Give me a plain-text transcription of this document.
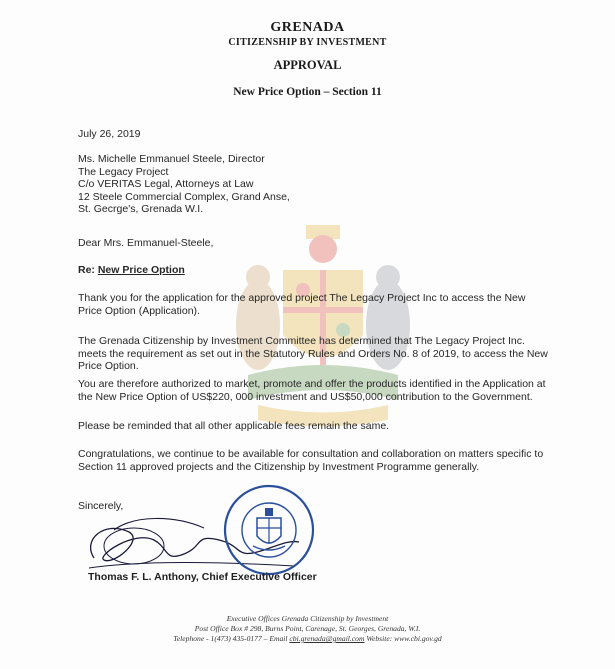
GRENADA
CITIZENSHIP BY INVESTMENT
APPROVAL
New Price Option – Section 11
July 26, 2019
Ms. Michelle Emmanuel Steele, Director
The Legacy Project
C/o VERITAS Legal, Attorneys at Law
12 Steele Commercial Complex, Grand Anse,
St. Gecrge's, Grenada W.I.
Dear Mrs. Emmanuel-Steele,
Re: New Price Option
Thank you for the application for the approved project The Legacy Project Inc to access the New Price Option (Application).
The Grenada Citizenship by Investment Committee has determined that The Legacy Project Inc. meets the requirement as set out in the Statutory Rules and Orders No. 8 of 2019, to access the New Price Option.
You are therefore authorized to market, promote and offer the products identified in the Application at the New Price Option of US$220, 000 investment and US$50,000 contribution to the Government.
Please be reminded that all other applicable fees remain the same.
Congratulations, we continue to be available for consultation and collaboration on matters specific to Section 11 approved projects and the Citizenship by Investment Programme generally.
Sincerely,
Thomas F. L. Anthony, Chief Executive Officer
Executive Offices Grenada Citizenship by Investment
Post Office Box # 298, Burns Point, Carenage, St. Georges, Grenada, W.I.
Telephone - 1(473) 435-0177 – Email cbi.grenada@gmail.com Website: www.cbi.gov.gd
